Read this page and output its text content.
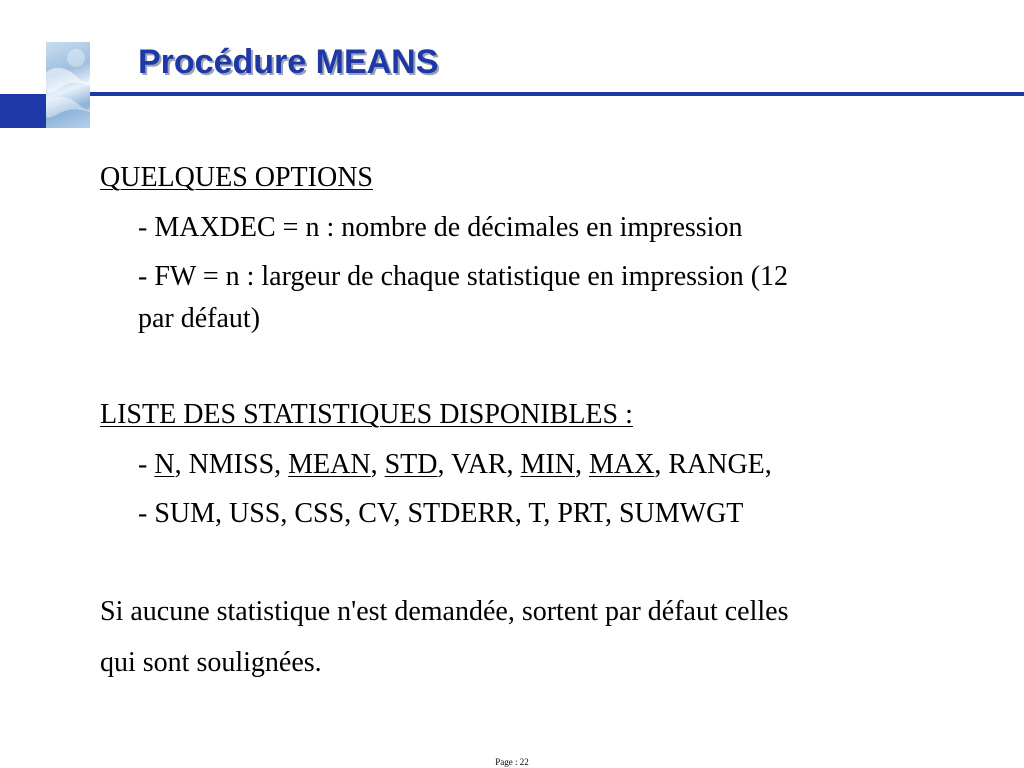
Procédure MEANS
QUELQUES OPTIONS
- MAXDEC = n : nombre de décimales en impression
- FW = n : largeur de chaque statistique en impression (12
par défaut)
LISTE DES STATISTIQUES DISPONIBLES :
- N, NMISS, MEAN, STD, VAR, MIN, MAX, RANGE,
- SUM, USS, CSS, CV, STDERR, T, PRT, SUMWGT
Si aucune statistique n'est demandée, sortent par défaut celles
qui sont soulignées.
Page : 22
